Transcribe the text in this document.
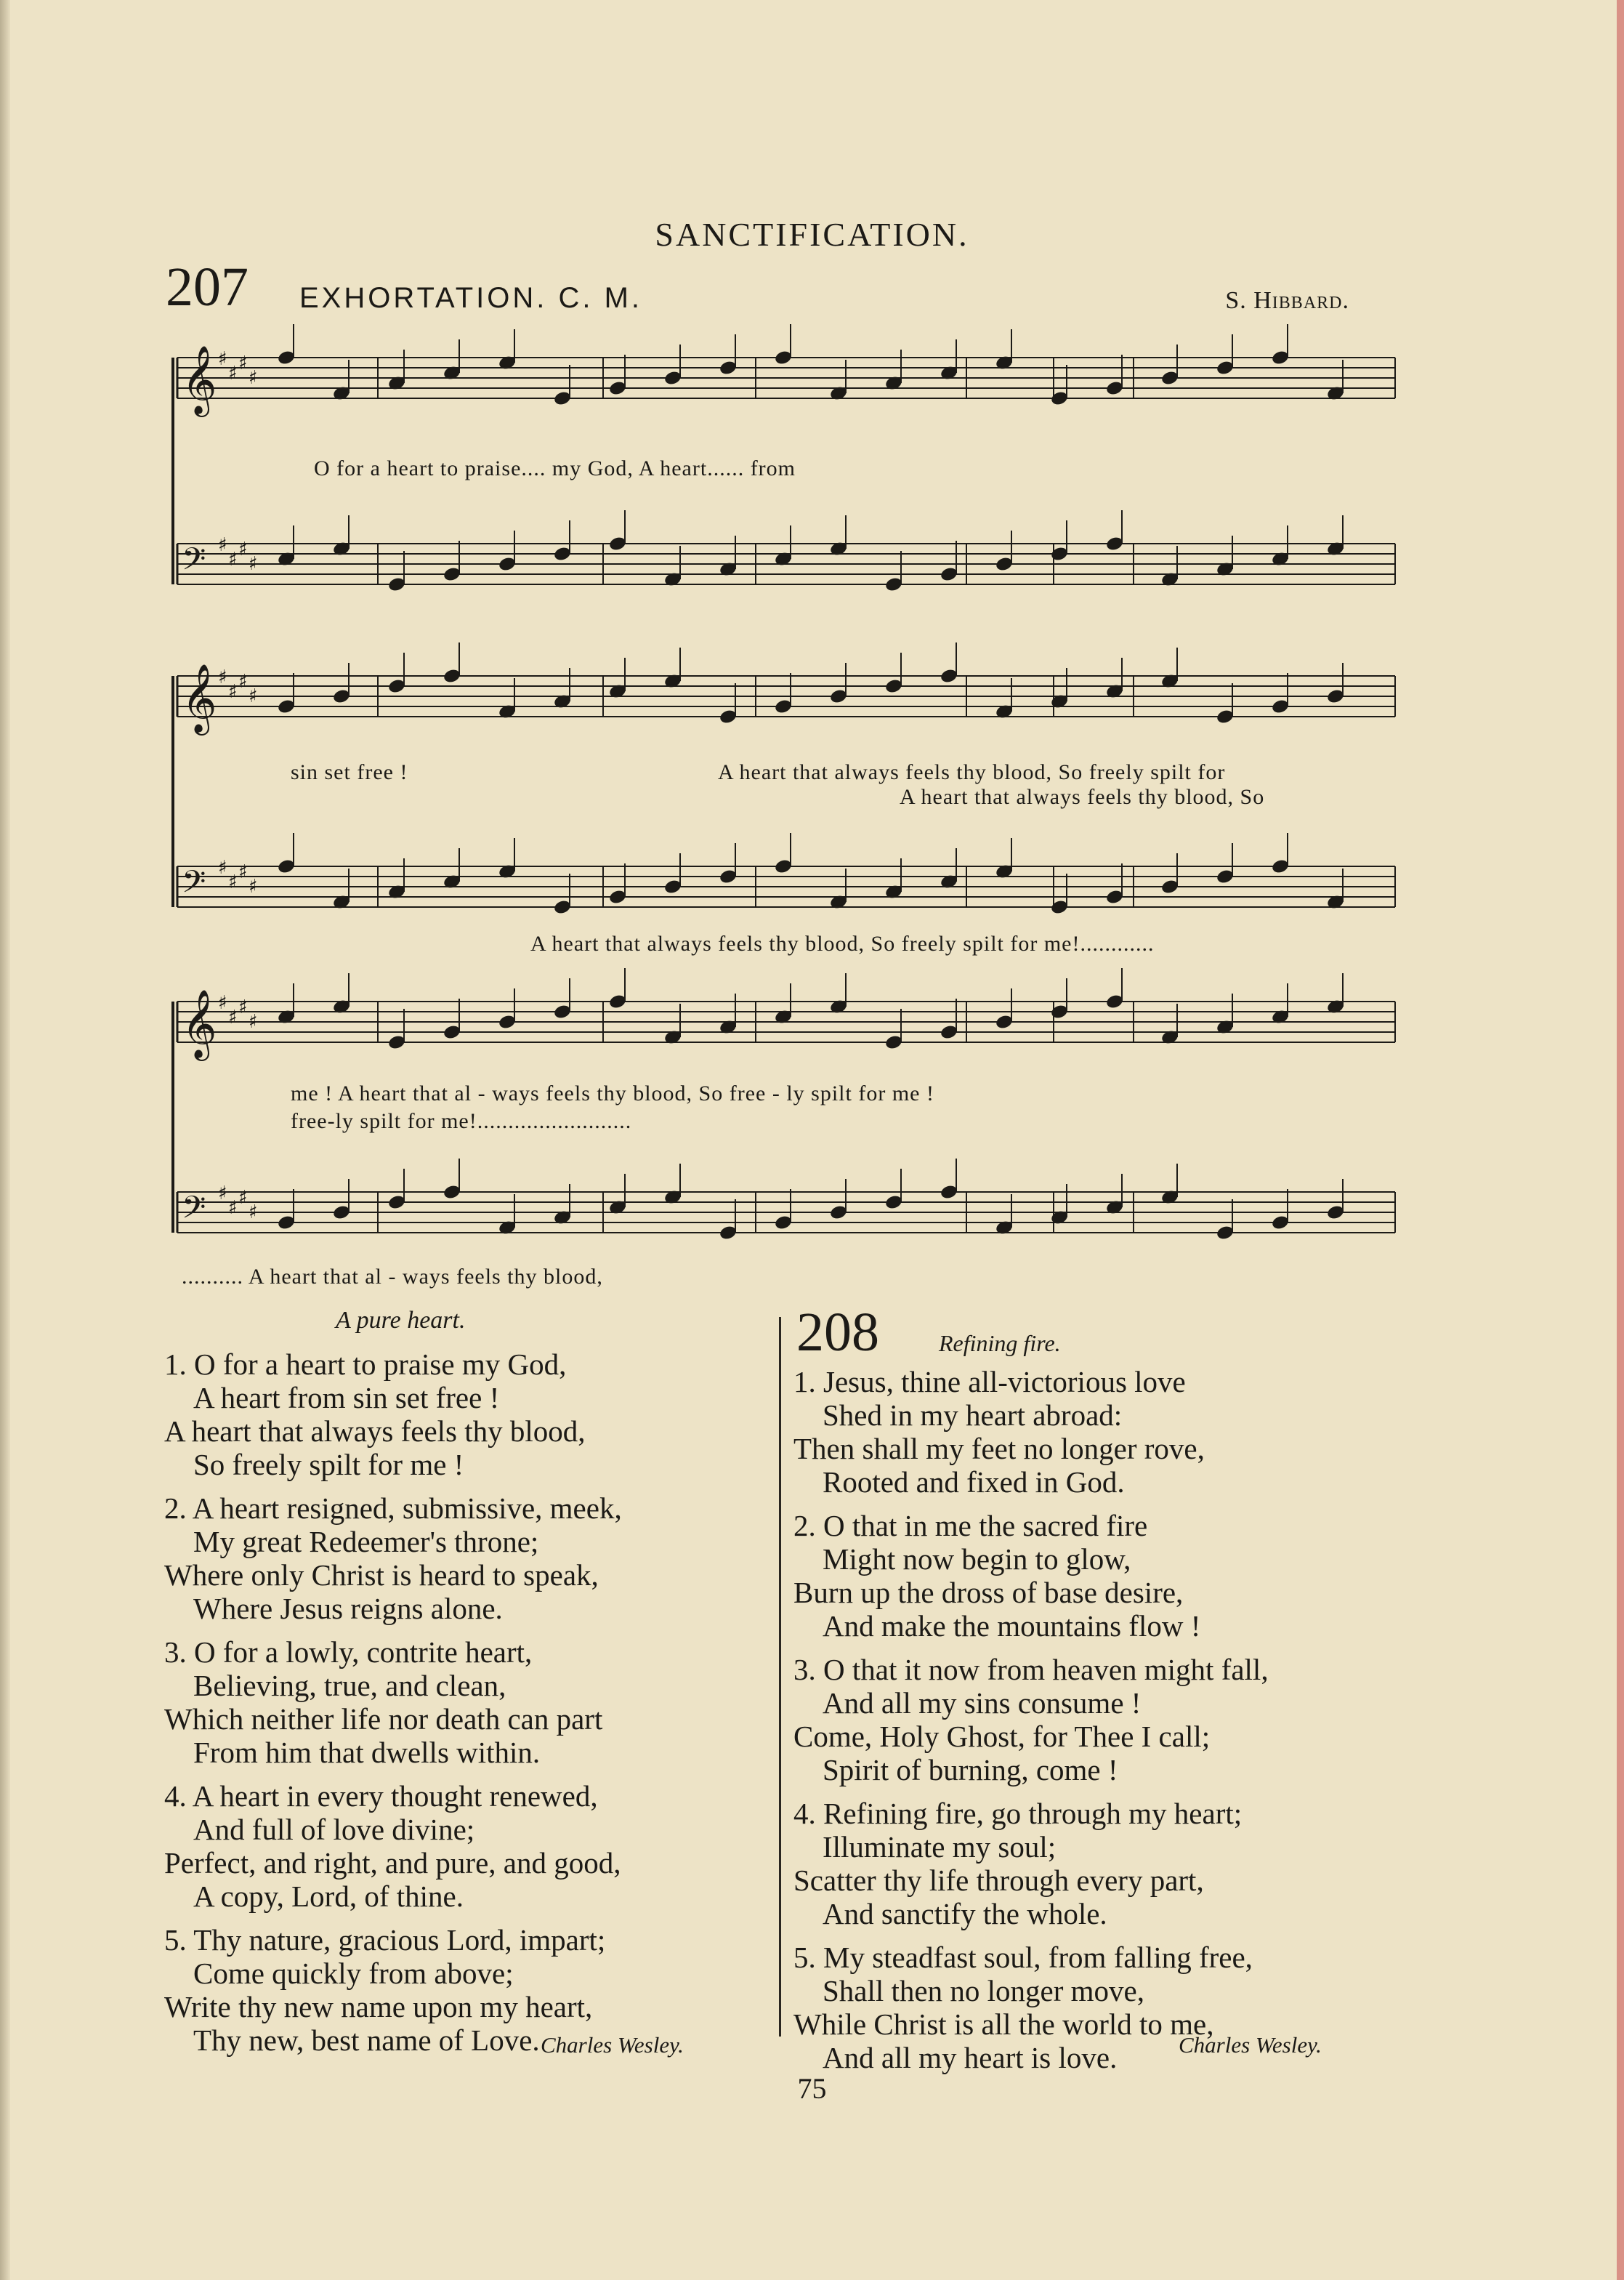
SANCTIFICATION.
207 EXHORTATION. C. M.	S. Hibbard.
𝄞 ♯
♯ ♯
♯
𝄢 ♯
♯ ♯
♯
𝄞 ♯
♯ ♯
♯
𝄢 ♯
♯ ♯
♯
𝄞 ♯
♯ ♯
♯
𝄢 ♯
♯ ♯
♯
O for a heart to praise.... my God, A heart...... from
sin set free !	A heart that always feels thy blood, So freely spilt for
A heart that always feels thy blood, So
A heart that always feels thy blood, So freely spilt for me!............
me ! A heart that al - ways feels thy blood, So free - ly spilt for me !
free-ly spilt for me!.........................
.......... A heart that al - ways feels thy blood,
A pure heart.
1. O for a heart to praise my God,
A heart from sin set free !
A heart that always feels thy blood,
So freely spilt for me !
2. A heart resigned, submissive, meek,
My great Redeemer's throne;
Where only Christ is heard to speak,
Where Jesus reigns alone.
3. O for a lowly, contrite heart,
Believing, true, and clean,
Which neither life nor death can part
From him that dwells within.
4. A heart in every thought renewed,
And full of love divine;
Perfect, and right, and pure, and good,
A copy, Lord, of thine.
5. Thy nature, gracious Lord, impart;
Come quickly from above;
Write thy new name upon my heart,
Thy new, best name of Love. Charles Wesley.
208	Refining fire.
1. Jesus, thine all-victorious love
Shed in my heart abroad:
Then shall my feet no longer rove,
Rooted and fixed in God.
2. O that in me the sacred fire
Might now begin to glow,
Burn up the dross of base desire,
And make the mountains flow !
3. O that it now from heaven might fall,
And all my sins consume !
Come, Holy Ghost, for Thee I call;
Spirit of burning, come !
4. Refining fire, go through my heart;
Illuminate my soul;
Scatter thy life through every part,
And sanctify the whole.
5. My steadfast soul, from falling free,
Shall then no longer move,
While Christ is all the world to me,
And all my heart is love.	Charles Wesley.
75
